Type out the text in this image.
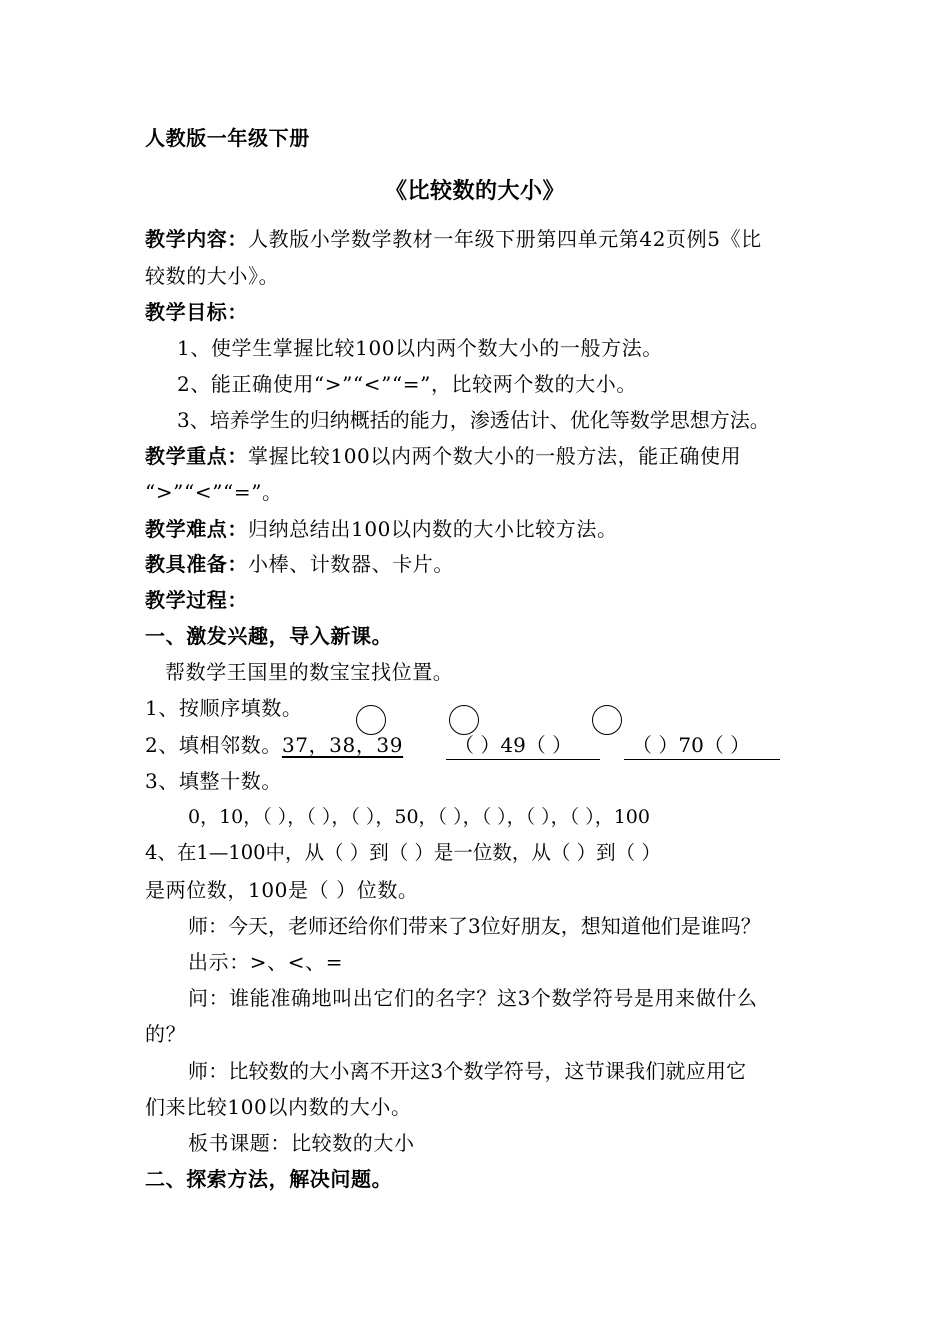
人教版一年级下册
《比较数的大小》
教学内容：人教版小学数学教材一年级下册第四单元第42页例5《比
较数的大小》。
教学目标：
1、使学生掌握比较100以内两个数大小的一般方法。
2、能正确使用“>”“<”“=”，比较两个数的大小。
3、培养学生的归纳概括的能力，渗透估计、优化等数学思想方法。
教学重点：掌握比较100以内两个数大小的一般方法，能正确使用
“>”“<”“=”。
教学难点：归纳总结出100以内数的大小比较方法。
教具准备：小棒、计数器、卡片。
教学过程：
一、激发兴趣，导入新课。
帮数学王国里的数宝宝找位置。
1、按顺序填数。
2、填相邻数。37，38，39	（ ）49（ ）	（ ）70（ ）
3、填整十数。
0，10，（ ），（ ），（ ），50，（ ），（ ），（ ），（ ），100
4、在1—100中，从（ ）到（ ）是一位数，从（ ）到（ ）
是两位数，100是（ ）位数。
师：今天，老师还给你们带来了3位好朋友，想知道他们是谁吗？
出示：>、<、=
问：谁能准确地叫出它们的名字？这3个数学符号是用来做什么
的？
师：比较数的大小离不开这3个数学符号，这节课我们就应用它
们来比较100以内数的大小。
板书课题：比较数的大小
二、探索方法，解决问题。
